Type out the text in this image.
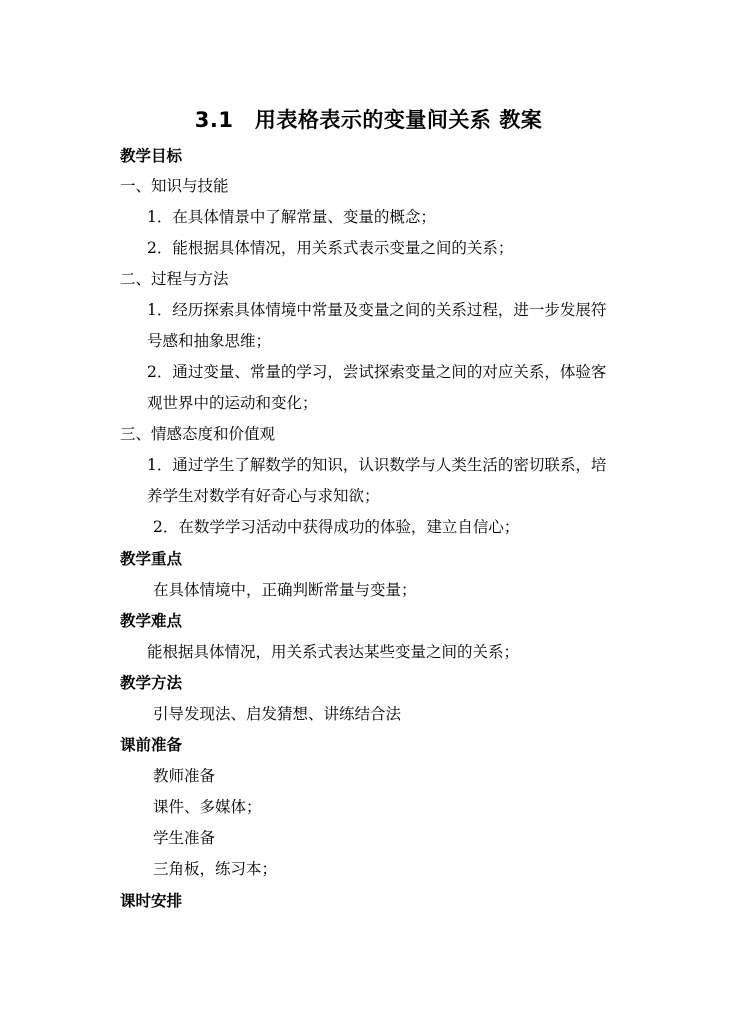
3.1　用表格表示的变量间关系 教案
教学目标
一、知识与技能
1．在具体情景中了解常量、变量的概念；
2．能根据具体情况，用关系式表示变量之间的关系；
二、过程与方法
1．经历探索具体情境中常量及变量之间的关系过程，进一步发展符
号感和抽象思维；
2．通过变量、常量的学习，尝试探索变量之间的对应关系，体验客
观世界中的运动和变化；
三、情感态度和价值观
1．通过学生了解数学的知识，认识数学与人类生活的密切联系，培
养学生对数学有好奇心与求知欲；
2．在数学学习活动中获得成功的体验，建立自信心；
教学重点
在具体情境中，正确判断常量与变量；
教学难点
能根据具体情况，用关系式表达某些变量之间的关系；
教学方法
引导发现法、启发猜想、讲练结合法
课前准备
教师准备
课件、多媒体；
学生准备
三角板，练习本；
课时安排
